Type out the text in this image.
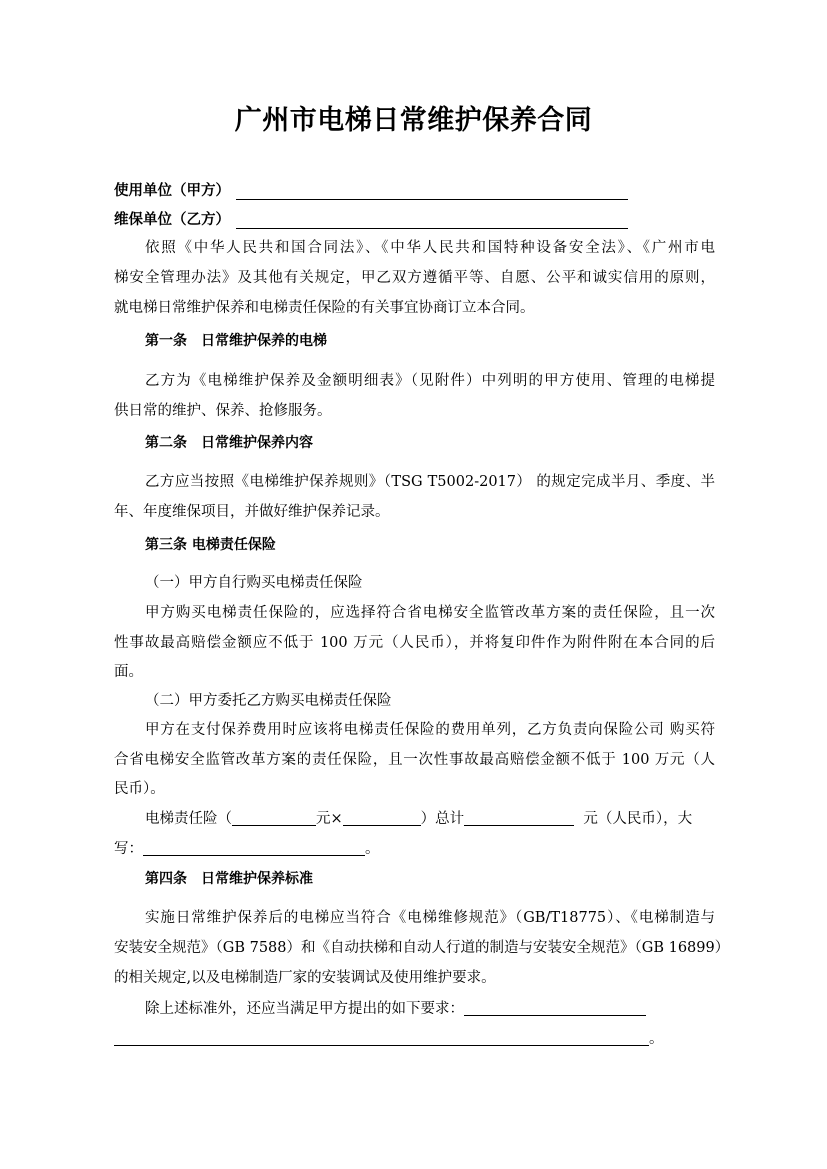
广州市电梯日常维护保养合同
使用单位（甲方）
维保单位（乙方）
依照《中华人民共和国合同法》、《中华人民共和国特种设备安全法》、《广州市电
梯安全管理办法》及其他有关规定，甲乙双方遵循平等、自愿、公平和诚实信用的原则，
就电梯日常维护保养和电梯责任保险的有关事宜协商订立本合同。
第一条 日常维护保养的电梯
乙方为《电梯维护保养及金额明细表》（见附件）中列明的甲方使用、管理的电梯提
供日常的维护、保养、抢修服务。
第二条 日常维护保养内容
乙方应当按照《电梯维护保养规则》（TSG T5002-2017） 的规定完成半月、季度、半
年、年度维保项目，并做好维护保养记录。
第三条 电梯责任保险
（一）甲方自行购买电梯责任保险
甲方购买电梯责任保险的，应选择符合省电梯安全监管改革方案的责任保险，且一次
性事故最高赔偿金额应不低于 100 万元（人民币），并将复印件作为附件附在本合同的后
面。
（二）甲方委托乙方购买电梯责任保险
甲方在支付保养费用时应该将电梯责任保险的费用单列，乙方负责向保险公司 购买符
合省电梯安全监管改革方案的责任保险，且一次性事故最高赔偿金额不低于 100 万元（人
民币）。
电梯责任险（	元×	）总计	元（人民币），大
写：	。
第四条 日常维护保养标准
实施日常维护保养后的电梯应当符合《电梯维修规范》（GB/T18775）、《电梯制造与
安装安全规范》（GB 7588）和《自动扶梯和自动人行道的制造与安装安全规范》（GB 16899）
的相关规定,以及电梯制造厂家的安装调试及使用维护要求。
除上述标准外，还应当满足甲方提出的如下要求：
。
